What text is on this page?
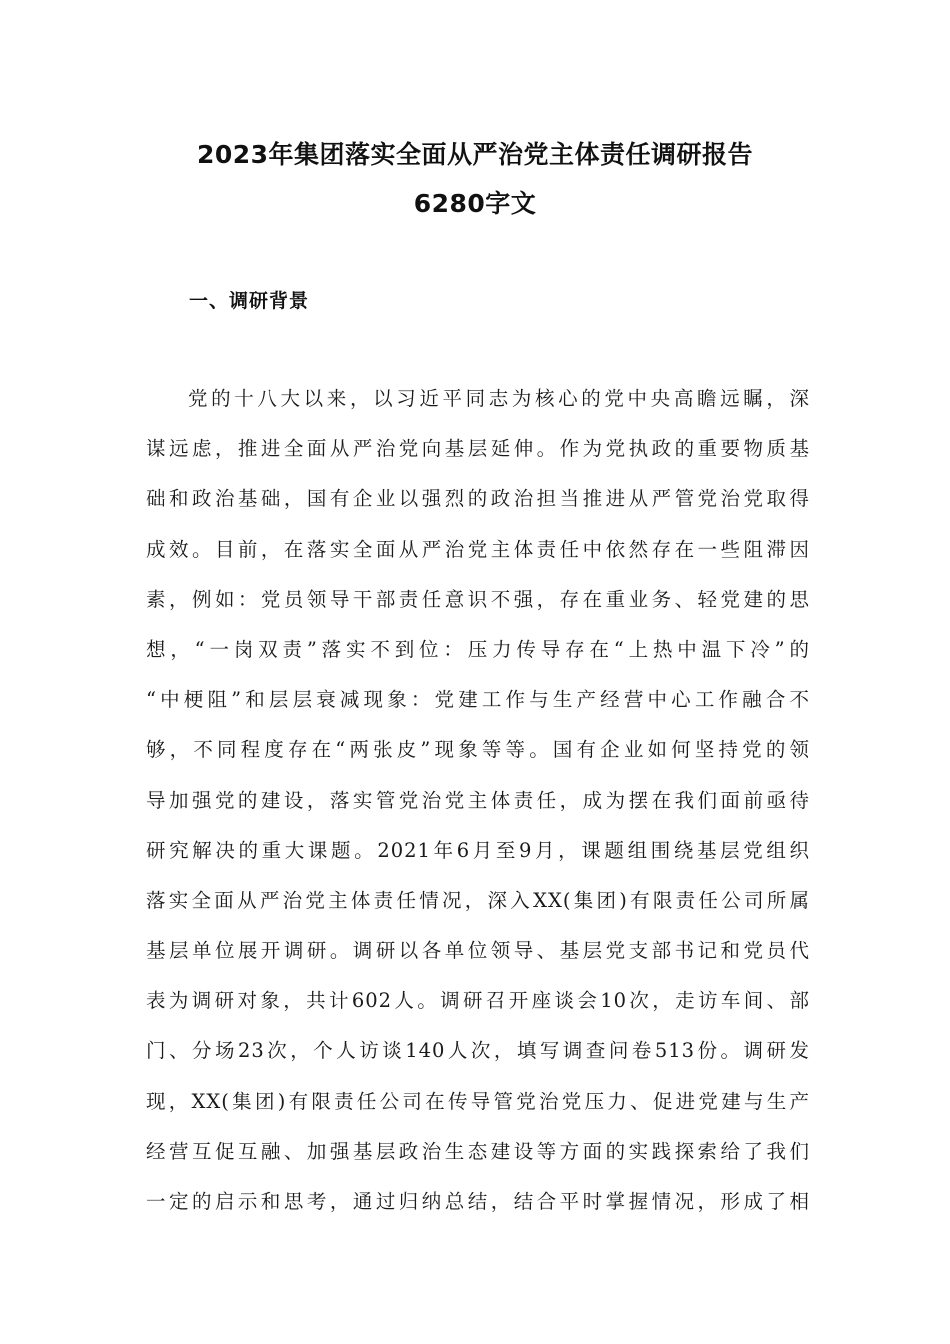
2023年集团落实全面从严治党主体责任调研报告
6280字文
一、调研背景
党的十八大以来，以习近平同志为核心的党中央高瞻远瞩，深
谋远虑，推进全面从严治党向基层延伸。作为党执政的重要物质基
础和政治基础，国有企业以强烈的政治担当推进从严管党治党取得
成效。目前，在落实全面从严治党主体责任中依然存在一些阻滞因
素，例如：党员领导干部责任意识不强，存在重业务、轻党建的思
想，“一岗双责”落实不到位：压力传导存在“上热中温下冷”的
“中梗阻”和层层衰减现象：党建工作与生产经营中心工作融合不
够，不同程度存在“两张皮”现象等等。国有企业如何坚持党的领
导加强党的建设，落实管党治党主体责任，成为摆在我们面前亟待
研究解决的重大课题。2021年6月至9月，课题组围绕基层党组织
落实全面从严治党主体责任情况，深入XX(集团)有限责任公司所属
基层单位展开调研。调研以各单位领导、基层党支部书记和党员代
表为调研对象，共计602人。调研召开座谈会10次，走访车间、部
门、分场23次，个人访谈140人次，填写调查问卷513份。调研发
现，XX(集团)有限责任公司在传导管党治党压力、促进党建与生产
经营互促互融、加强基层政治生态建设等方面的实践探索给了我们
一定的启示和思考，通过归纳总结，结合平时掌握情况，形成了相
